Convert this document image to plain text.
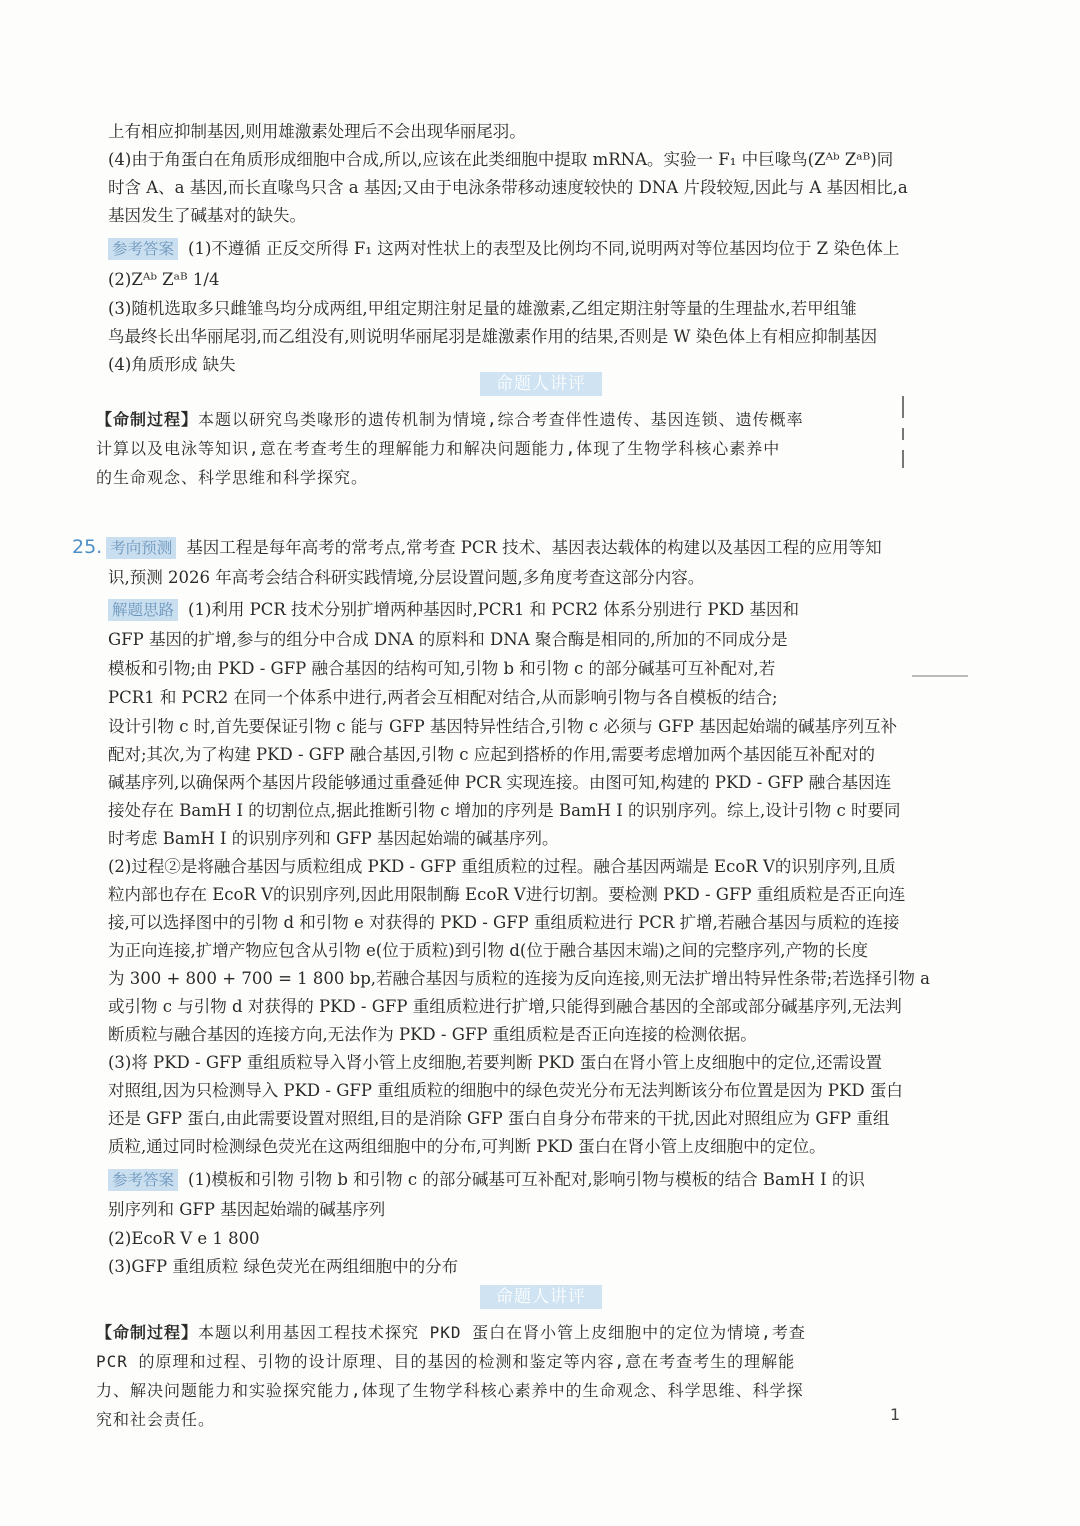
上有相应抑制基因,则用雄激素处理后不会出现华丽尾羽。
(4)由于角蛋白在角质形成细胞中合成,所以,应该在此类细胞中提取 mRNA。实验一 F₁ 中巨喙鸟(Zᴬᵇ Zᵃᴮ)同
时含 A、a 基因,而长直喙鸟只含 a 基因;又由于电泳条带移动速度较快的 DNA 片段较短,因此与 A 基因相比,a
基因发生了碱基对的缺失。
参考答案 (1)不遵循 正反交所得 F₁ 这两对性状上的表型及比例均不同,说明两对等位基因均位于 Z 染色体上
(2)Zᴬᵇ Zᵃᴮ 1/4
(3)随机选取多只雌雏鸟均分成两组,甲组定期注射足量的雄激素,乙组定期注射等量的生理盐水,若甲组雏
鸟最终长出华丽尾羽,而乙组没有,则说明华丽尾羽是雄激素作用的结果,否则是 W 染色体上有相应抑制基因
(4)角质形成 缺失
命题人讲评
【命制过程】本题以研究鸟类喙形的遗传机制为情境,综合考查伴性遗传、基因连锁、遗传概率
计算以及电泳等知识,意在考查考生的理解能力和解决问题能力,体现了生物学科核心素养中
的生命观念、科学思维和科学探究。
25. 考向预测 基因工程是每年高考的常考点,常考查 PCR 技术、基因表达载体的构建以及基因工程的应用等知
识,预测 2026 年高考会结合科研实践情境,分层设置问题,多角度考查这部分内容。
解题思路 (1)利用 PCR 技术分别扩增两种基因时,PCR1 和 PCR2 体系分别进行 PKD 基因和
GFP 基因的扩增,参与的组分中合成 DNA 的原料和 DNA 聚合酶是相同的,所加的不同成分是
模板和引物;由 PKD - GFP 融合基因的结构可知,引物 b 和引物 c 的部分碱基可互补配对,若
PCR1 和 PCR2 在同一个体系中进行,两者会互相配对结合,从而影响引物与各自模板的结合;
设计引物 c 时,首先要保证引物 c 能与 GFP 基因特异性结合,引物 c 必须与 GFP 基因起始端的碱基序列互补
配对;其次,为了构建 PKD - GFP 融合基因,引物 c 应起到搭桥的作用,需要考虑增加两个基因能互补配对的
碱基序列,以确保两个基因片段能够通过重叠延伸 PCR 实现连接。由图可知,构建的 PKD - GFP 融合基因连
接处存在 BamH Ⅰ 的切割位点,据此推断引物 c 增加的序列是 BamH Ⅰ 的识别序列。综上,设计引物 c 时要同
时考虑 BamH Ⅰ 的识别序列和 GFP 基因起始端的碱基序列。
(2)过程②是将融合基因与质粒组成 PKD - GFP 重组质粒的过程。融合基因两端是 EcoR Ⅴ的识别序列,且质
粒内部也存在 EcoR Ⅴ的识别序列,因此用限制酶 EcoR Ⅴ进行切割。要检测 PKD - GFP 重组质粒是否正向连
接,可以选择图中的引物 d 和引物 e 对获得的 PKD - GFP 重组质粒进行 PCR 扩增,若融合基因与质粒的连接
为正向连接,扩增产物应包含从引物 e(位于质粒)到引物 d(位于融合基因末端)之间的完整序列,产物的长度
为 300 + 800 + 700 = 1 800 bp,若融合基因与质粒的连接为反向连接,则无法扩增出特异性条带;若选择引物 a
或引物 c 与引物 d 对获得的 PKD - GFP 重组质粒进行扩增,只能得到融合基因的全部或部分碱基序列,无法判
断质粒与融合基因的连接方向,无法作为 PKD - GFP 重组质粒是否正向连接的检测依据。
(3)将 PKD - GFP 重组质粒导入肾小管上皮细胞,若要判断 PKD 蛋白在肾小管上皮细胞中的定位,还需设置
对照组,因为只检测导入 PKD - GFP 重组质粒的细胞中的绿色荧光分布无法判断该分布位置是因为 PKD 蛋白
还是 GFP 蛋白,由此需要设置对照组,目的是消除 GFP 蛋白自身分布带来的干扰,因此对照组应为 GFP 重组
质粒,通过同时检测绿色荧光在这两组细胞中的分布,可判断 PKD 蛋白在肾小管上皮细胞中的定位。
参考答案 (1)模板和引物 引物 b 和引物 c 的部分碱基可互补配对,影响引物与模板的结合 BamH Ⅰ 的识
别序列和 GFP 基因起始端的碱基序列
(2)EcoR Ⅴ e 1 800
(3)GFP 重组质粒 绿色荧光在两组细胞中的分布
命题人讲评
【命制过程】本题以利用基因工程技术探究 PKD 蛋白在肾小管上皮细胞中的定位为情境,考查
PCR 的原理和过程、引物的设计原理、目的基因的检测和鉴定等内容,意在考查考生的理解能
力、解决问题能力和实验探究能力,体现了生物学科核心素养中的生命观念、科学思维、科学探
究和社会责任。	1
